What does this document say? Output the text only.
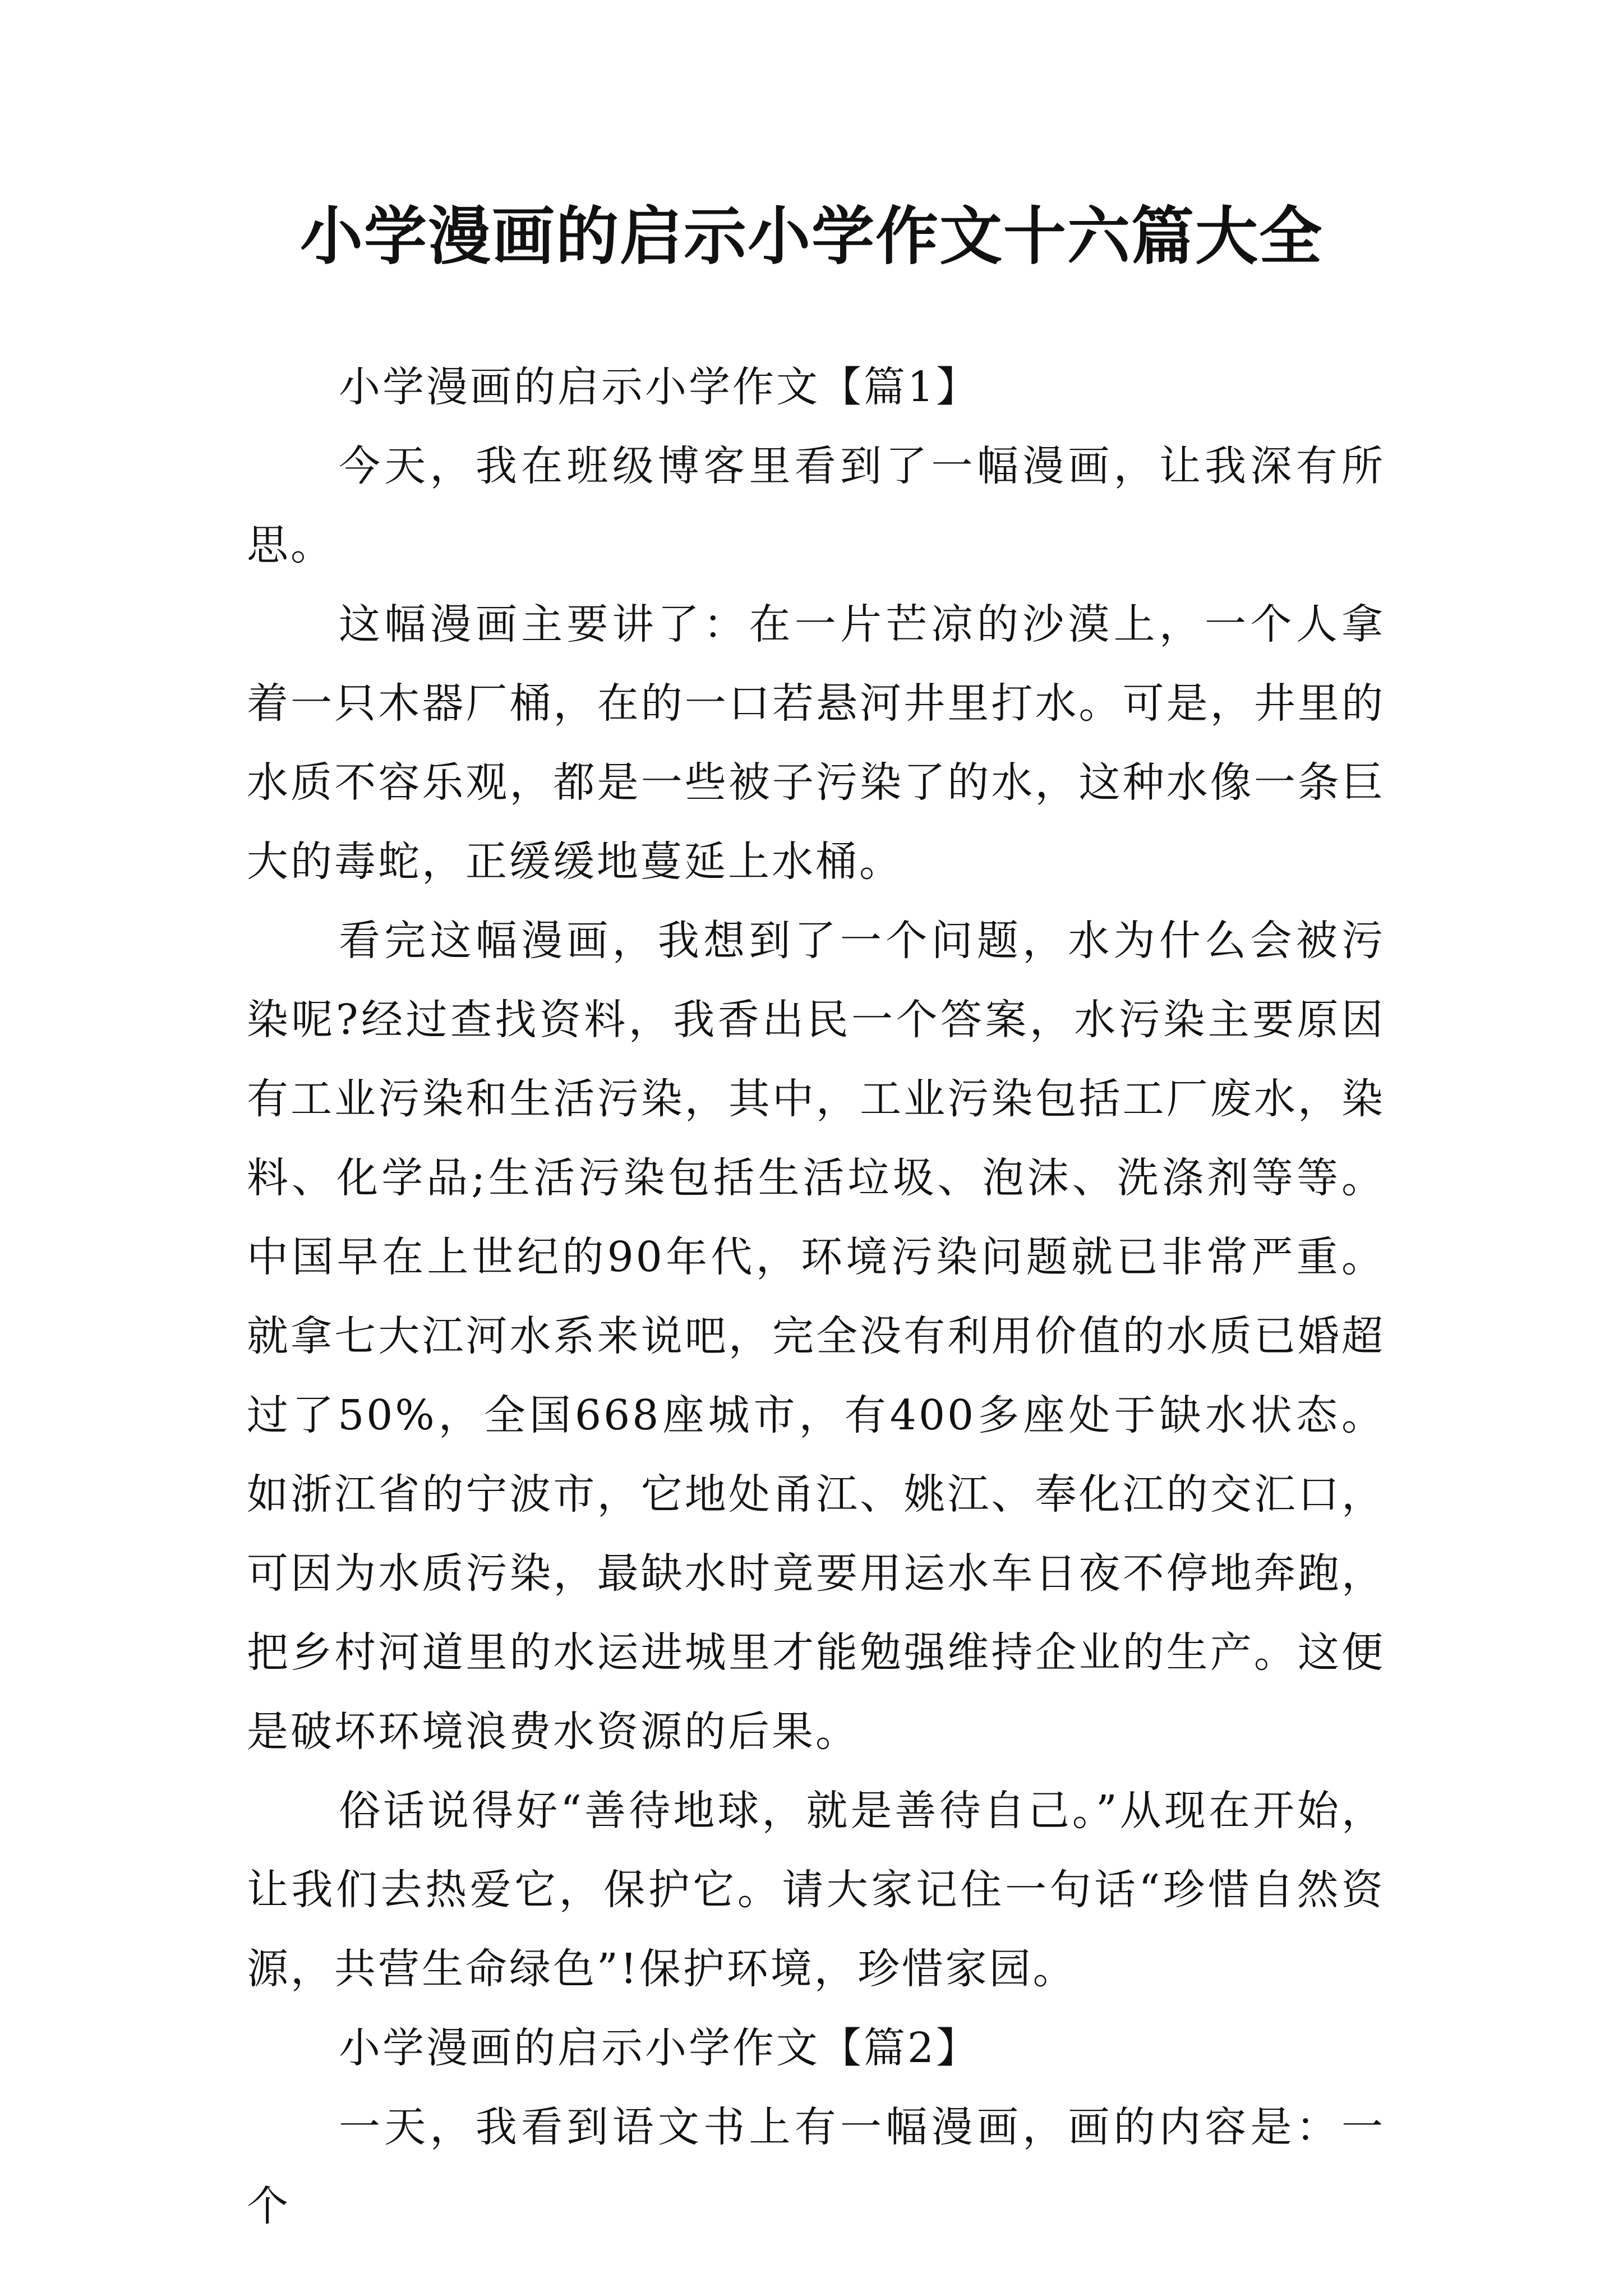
小学漫画的启示小学作文十六篇大全

小学漫画的启示小学作文【篇1】

今天，我在班级博客里看到了一幅漫画，让我深有所思。

这幅漫画主要讲了：在一片芒凉的沙漠上，一个人拿着一只木器厂桶，在的一口若悬河井里打水。可是，井里的水质不容乐观，都是一些被子污染了的水，这种水像一条巨大的毒蛇，正缓缓地蔓延上水桶。

看完这幅漫画，我想到了一个问题，水为什么会被污染呢?经过查找资料，我香出民一个答案，水污染主要原因有工业污染和生活污染，其中，工业污染包括工厂废水，染料、化学品;生活污染包括生活垃圾、泡沫、洗涤剂等等。中国早在上世纪的90年代，环境污染问题就已非常严重。就拿七大江河水系来说吧，完全没有利用价值的水质已婚超过了50%，全国668座城市，有400多座处于缺水状态。如浙江省的宁波市，它地处甬江、姚江、奉化江的交汇口，可因为水质污染，最缺水时竟要用运水车日夜不停地奔跑，把乡村河道里的水运进城里才能勉强维持企业的生产。这便是破坏环境浪费水资源的后果。

俗话说得好“善待地球，就是善待自己。”从现在开始，让我们去热爱它，保护它。请大家记住一句话“珍惜自然资源，共营生命绿色”!保护环境，珍惜家园。

小学漫画的启示小学作文【篇2】

一天，我看到语文书上有一幅漫画，画的内容是：一个
